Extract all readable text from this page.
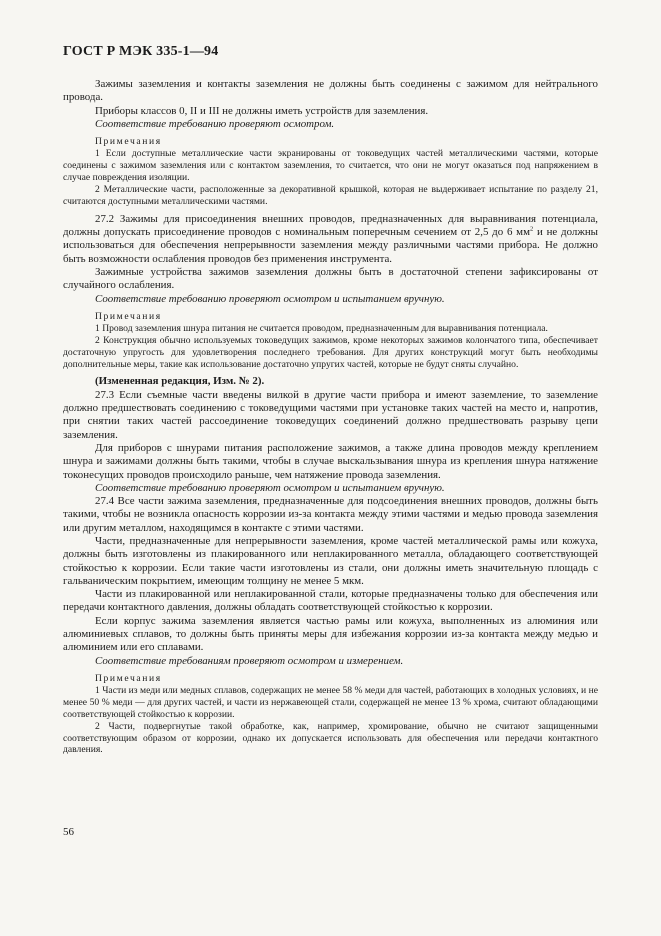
ГОСТ Р МЭК 335-1—94

Зажимы заземления и контакты заземления не должны быть соединены с зажимом для нейтрального провода.

Приборы классов 0, II и III не должны иметь устройств для заземления.

Соответствие требованию проверяют осмотром.

Примечания

1 Если доступные металлические части экранированы от токоведущих частей металлическими частями, которые соединены с зажимом заземления или с контактом заземления, то считается, что они не могут оказаться под напряжением в случае повреждения изоляции.

2 Металлические части, расположенные за декоративной крышкой, которая не выдерживает испытание по разделу 21, считаются доступными металлическими частями.

27.2 Зажимы для присоединения внешних проводов, предназначенных для выравнивания потенциала, должны допускать присоединение проводов с номинальным поперечным сечением от 2,5 до 6 $мм^2$ и не должны использоваться для обеспечения непрерывности заземления между различными частями прибора. Не должно быть возможности ослабления проводов без применения инструмента.

Зажимные устройства зажимов заземления должны быть в достаточной степени зафиксированы от случайного ослабления.

Соответствие требованию проверяют осмотром и испытанием вручную.

Примечания

1 Провод заземления шнура питания не считается проводом, предназначенным для выравнивания потенциала.

2 Конструкция обычно используемых токоведущих зажимов, кроме некоторых зажимов колончатого типа, обеспечивает достаточную упругость для удовлетворения последнего требования. Для других конструкций могут быть необходимы дополнительные меры, такие как использование достаточно упругих частей, которые не будут сняты случайно.

(Измененная редакция, Изм. № 2).

27.3 Если съемные части введены вилкой в другие части прибора и имеют заземление, то заземление должно предшествовать соединению с токоведущими частями при установке таких частей на место и, напротив, при снятии таких частей рассоединение токоведущих соединений должно предшествовать разрыву цепи заземления.

Для приборов с шнурами питания расположение зажимов, а также длина проводов между креплением шнура и зажимами должны быть такими, чтобы в случае выскальзывания шнура из крепления шнура натяжение токонесущих проводов происходило раньше, чем натяжение провода заземления.

Соответствие требованию проверяют осмотром и испытанием вручную.

27.4 Все части зажима заземления, предназначенные для подсоединения внешних проводов, должны быть такими, чтобы не возникла опасность коррозии из-за контакта между этими частями и медью провода заземления или другим металлом, находящимся в контакте с этими частями.

Части, предназначенные для непрерывности заземления, кроме частей металлической рамы или кожуха, должны быть изготовлены из плакированного или неплакированного металла, обладающего соответствующей стойкостью к коррозии. Если такие части изготовлены из стали, они должны иметь значительную площадь с гальваническим покрытием, имеющим толщину не менее 5 мкм.

Части из плакированной или неплакированной стали, которые предназначены только для обеспечения или передачи контактного давления, должны обладать соответствующей стойкостью к коррозии.

Если корпус зажима заземления является частью рамы или кожуха, выполненных из алюминия или алюминиевых сплавов, то должны быть приняты меры для избежания коррозии из-за контакта между медью и алюминием или его сплавами.

Соответствие требованиям проверяют осмотром и измерением.

Примечания

1 Части из меди или медных сплавов, содержащих не менее 58 % меди для частей, работающих в холодных условиях, и не менее 50 % меди — для других частей, и части из нержавеющей стали, содержащей не менее 13 % хрома, считают обладающими соответствующей стойкостью к коррозии.

2 Части, подвергнутые такой обработке, как, например, хромирование, обычно не считают защищенными соответствующим образом от коррозии, однако их допускается использовать для обеспечения или передачи контактного давления.

56
